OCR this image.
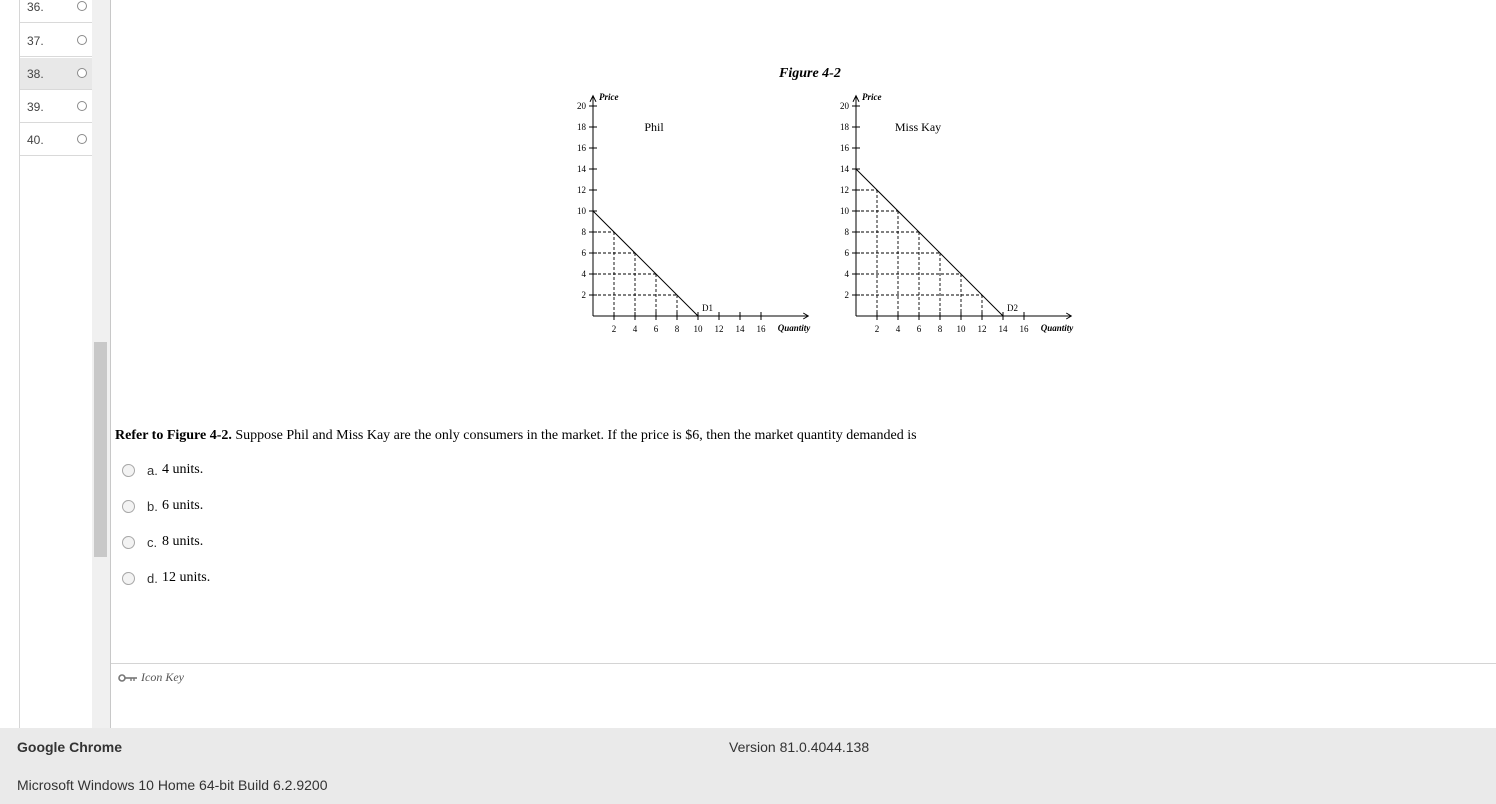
36.
37.
38.
39.
40.
Figure 4-2
2
4
6
8
10
12
14
16
18
20
2 4 6 8 10 12 14 16
D1
Price
Quantity
Phil
2
4
6
8
10
12
14
16
18
20
2 4 6 8 10 12 14 16
D2
Price
Quantity
Miss Kay
Refer to Figure 4-2. Suppose Phil and Miss Kay are the only consumers in the market. If the price is $6, then the market quantity demanded is
a. 4 units.
b. 6 units.
c. 8 units.
d. 12 units.
Icon Key
Google Chrome	Version 81.0.4044.138
Microsoft Windows 10 Home 64-bit Build 6.2.9200
